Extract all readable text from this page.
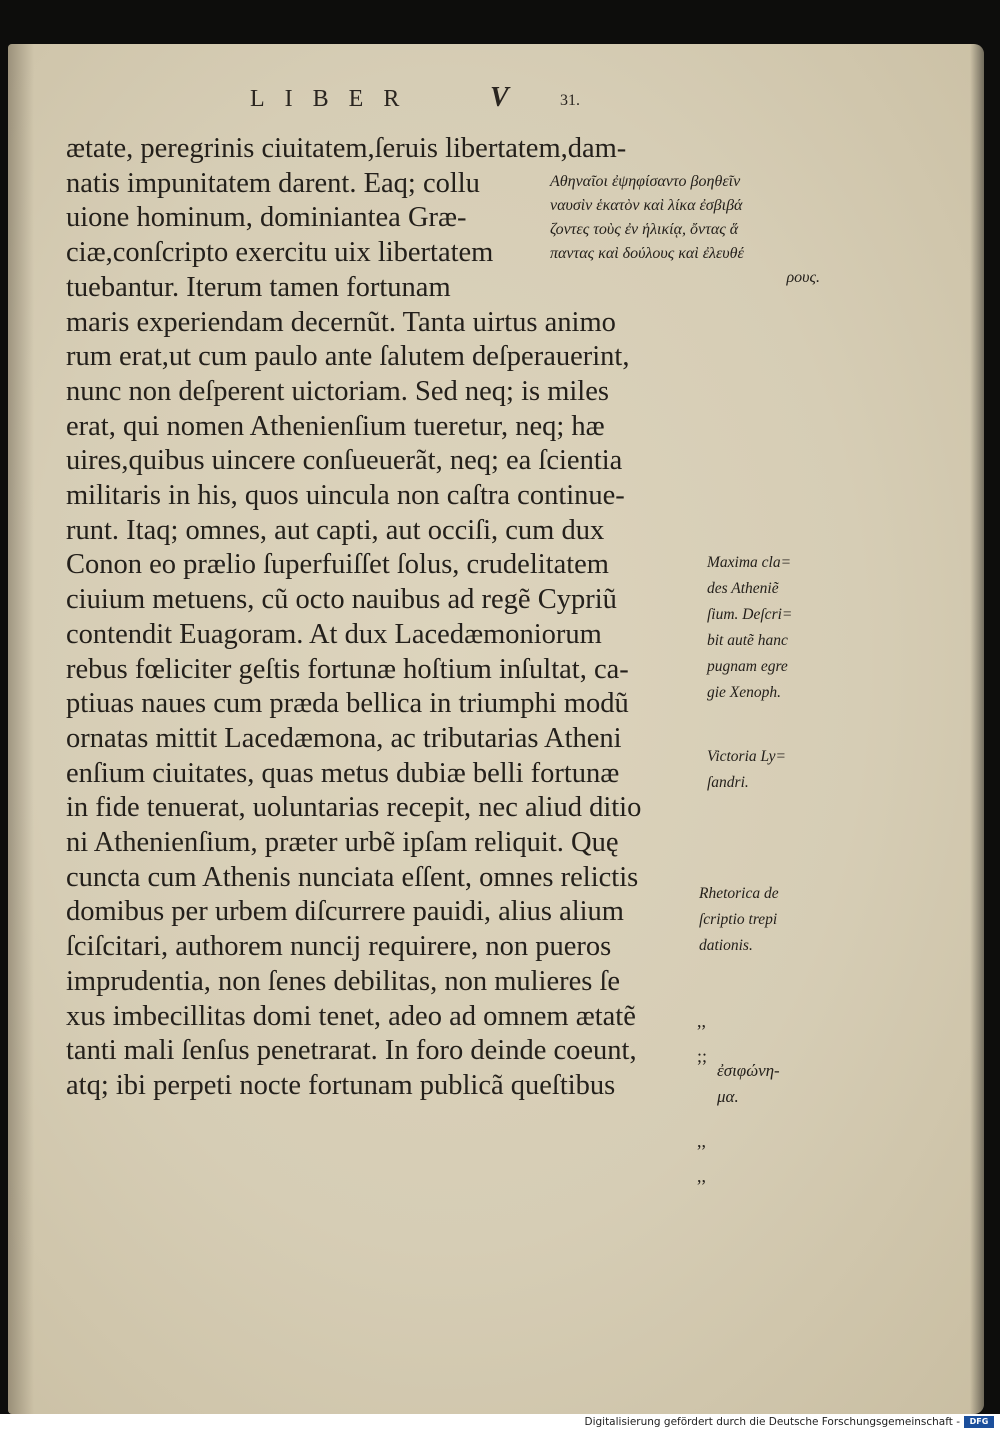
LIBER	V	31.
ætate, peregrinis ciuitatem,ſeruis libertatem,dam-
natis impunitatem darent. Eaq; collu
uione hominum, dominiantea Græ-
ciæ,conſcripto exercitu uix libertatem
tuebantur. Iterum tamen fortunam
maris experiendam decernũt. Tanta uirtus animo
rum erat,ut cum paulo ante ſalutem deſperauerint,
nunc non deſperent uictoriam. Sed neq; is miles
erat, qui nomen Athenienſium tueretur, neq; hæ
uires,quibus uincere conſueuerãt, neq; ea ſcientia
militaris in his, quos uincula non caſtra continue-
runt. Itaq; omnes, aut capti, aut occiſi, cum dux
Conon eo prælio ſuperfuiſſet ſolus, crudelitatem
ciuium metuens, cũ octo nauibus ad regẽ Cypriũ
contendit Euagoram. At dux Lacedæmoniorum
rebus fœliciter geſtis fortunæ hoſtium inſultat, ca-
ptiuas naues cum præda bellica in triumphi modũ
ornatas mittit Lacedæmona, ac tributarias Atheni
enſium ciuitates, quas metus dubiæ belli fortunæ
in fide tenuerat, uoluntarias recepit, nec aliud ditio
ni Athenienſium, præter urbẽ ipſam reliquit. Quę
cuncta cum Athenis nunciata eſſent, omnes relictis
domibus per urbem diſcurrere pauidi, alius alium
ſciſcitari, authorem nuncij requirere, non pueros
imprudentia, non ſenes debilitas, non mulieres ſe
xus imbecillitas domi tenet, adeo ad omnem ætatẽ
tanti mali ſenſus penetrarat. In foro deinde coeunt,
atq; ibi perpeti nocte fortunam publicã queſtibus
Αθηναῖοι ἐψηφίσαντο βοηθεῖν
ναυσὶν ἑκατὸν καὶ λίκα ἐσβιβά
ζοντες τοὺς ἐν ἡλικίᾳ, ὄντας ἅ
παντας καὶ δούλους καὶ ἐλευθέ
ρους.
Maxima cla=
des Atheniẽ
ſium. Deſcri=
bit autẽ hanc
pugnam egre
gie Xenoph.
Victoria Ly=
ſandri.
Rhetorica de
ſcriptio trepi
dationis.
,,
;;

,,
,,
ἐσιφώνη-
μα.
Digitalisierung gefördert durch die Deutsche Forschungsgemeinschaft -	DFG
